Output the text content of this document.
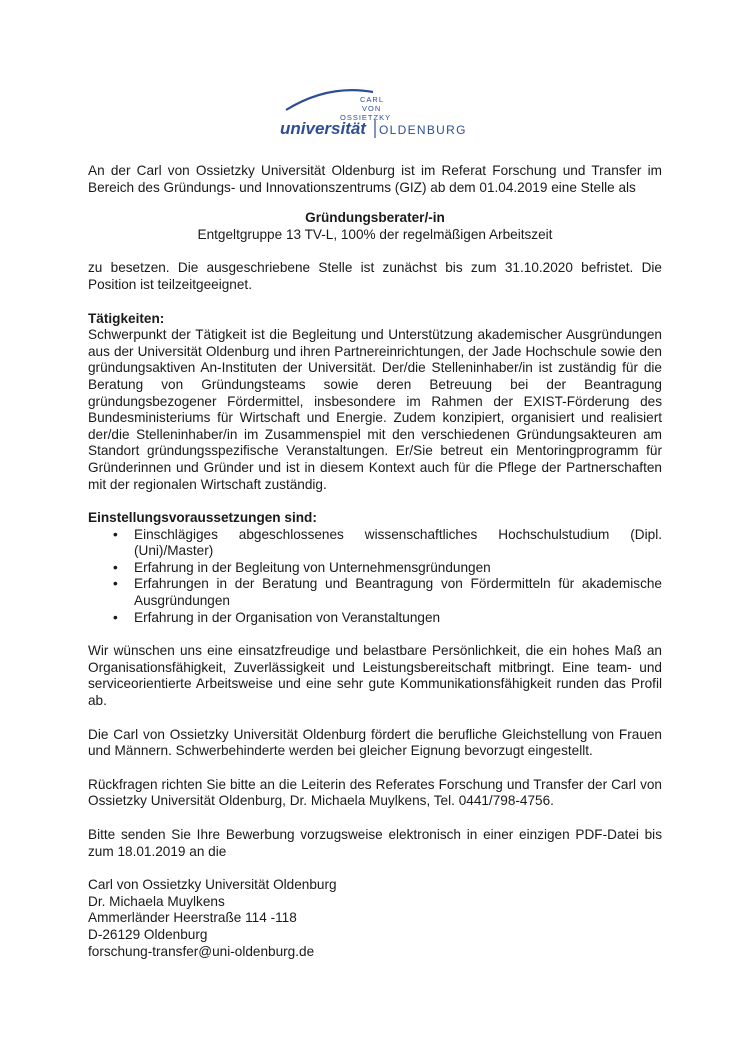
CARL
VON
OSSIETZKY
universität OLDENBURG

An der Carl von Ossietzky Universität Oldenburg ist im Referat Forschung und Transfer im Bereich des Gründungs- und Innovationszentrums (GIZ) ab dem 01.04.2019 eine Stelle als

Gründungsberater/-in
Entgeltgruppe 13 TV-L, 100% der regelmäßigen Arbeitszeit

zu besetzen. Die ausgeschriebene Stelle ist zunächst bis zum 31.10.2020 befristet. Die Position ist teilzeitgeeignet.

Tätigkeiten:

Schwerpunkt der Tätigkeit ist die Begleitung und Unterstützung akademischer Ausgründungen aus der Universität Oldenburg und ihren Partnereinrichtungen, der Jade Hochschule sowie den gründungsaktiven An-Instituten der Universität. Der/die Stelleninhaber/in ist zuständig für die Beratung von Gründungsteams sowie deren Betreuung bei der Beantragung gründungsbezogener Fördermittel, insbesondere im Rahmen der EXIST-Förderung des Bundesministeriums für Wirtschaft und Energie. Zudem konzipiert, organisiert und realisiert der/die Stelleninhaber/in im Zusammenspiel mit den verschiedenen Gründungsakteuren am Standort gründungsspezifische Veranstaltungen. Er/Sie betreut ein Mentoringprogramm für Gründerinnen und Gründer und ist in diesem Kontext auch für die Pflege der Partnerschaften mit der regionalen Wirtschaft zuständig.

Einstellungsvoraussetzungen sind:
• Einschlägiges abgeschlossenes wissenschaftliches Hochschulstudium (Dipl. (Uni)/Master)
• Erfahrung in der Begleitung von Unternehmensgründungen
• Erfahrungen in der Beratung und Beantragung von Fördermitteln für akademische Ausgründungen
• Erfahrung in der Organisation von Veranstaltungen

Wir wünschen uns eine einsatzfreudige und belastbare Persönlichkeit, die ein hohes Maß an Organisationsfähigkeit, Zuverlässigkeit und Leistungsbereitschaft mitbringt. Eine team- und serviceorientierte Arbeitsweise und eine sehr gute Kommunikationsfähigkeit runden das Profil ab.

Die Carl von Ossietzky Universität Oldenburg fördert die berufliche Gleichstellung von Frauen und Männern. Schwerbehinderte werden bei gleicher Eignung bevorzugt eingestellt.

Rückfragen richten Sie bitte an die Leiterin des Referates Forschung und Transfer der Carl von Ossietzky Universität Oldenburg, Dr. Michaela Muylkens, Tel. 0441/798-4756.

Bitte senden Sie Ihre Bewerbung vorzugsweise elektronisch in einer einzigen PDF-Datei bis zum 18.01.2019 an die

Carl von Ossietzky Universität Oldenburg
Dr. Michaela Muylkens
Ammerländer Heerstraße 114 -118
D-26129 Oldenburg
forschung-transfer@uni-oldenburg.de
